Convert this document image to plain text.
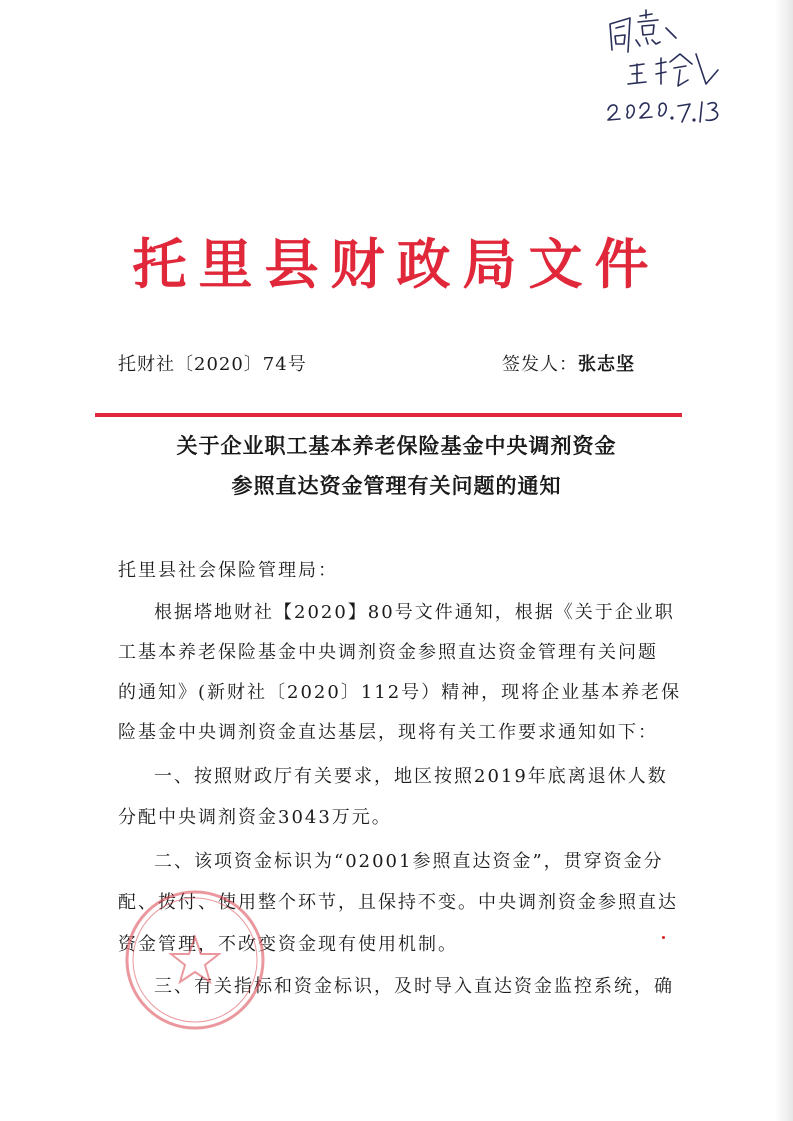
托里县财政局文件
托财社〔2020〕74号	签发人：张志坚
关于企业职工基本养老保险基金中央调剂资金
参照直达资金管理有关问题的通知
托里县社会保险管理局：
根据塔地财社【2020】80号文件通知，根据《关于企业职
工基本养老保险基金中央调剂资金参照直达资金管理有关问题
的通知》(新财社〔2020〕112号）精神，现将企业基本养老保
险基金中央调剂资金直达基层，现将有关工作要求通知如下：
一、按照财政厅有关要求，地区按照2019年底离退休人数
分配中央调剂资金3043万元。
二、该项资金标识为“02001参照直达资金”，贯穿资金分
配、拨付、使用整个环节，且保持不变。中央调剂资金参照直达
资金管理，不改变资金现有使用机制。
三、有关指标和资金标识，及时导入直达资金监控系统，确
